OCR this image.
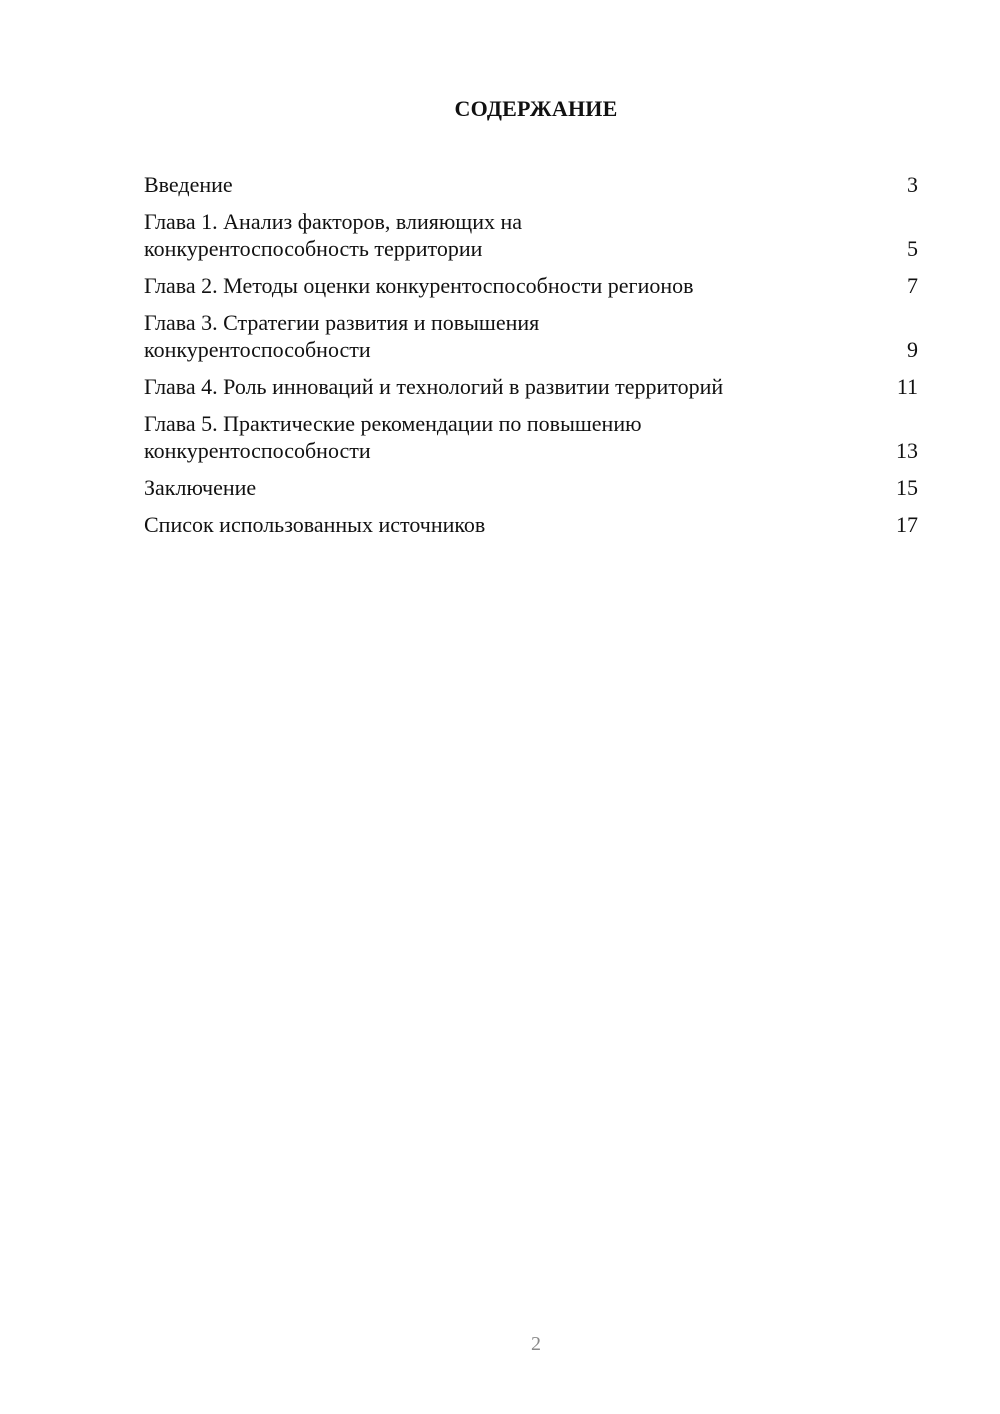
СОДЕРЖАНИЕ
Введение	3
Глава 1. Анализ факторов, влияющих на
конкурентоспособность территории	5
Глава 2. Методы оценки конкурентоспособности регионов	7
Глава 3. Стратегии развития и повышения
конкурентоспособности	9
Глава 4. Роль инноваций и технологий в развитии территорий	11
Глава 5. Практические рекомендации по повышению
конкурентоспособности	13
Заключение	15
Список использованных источников	17
2
